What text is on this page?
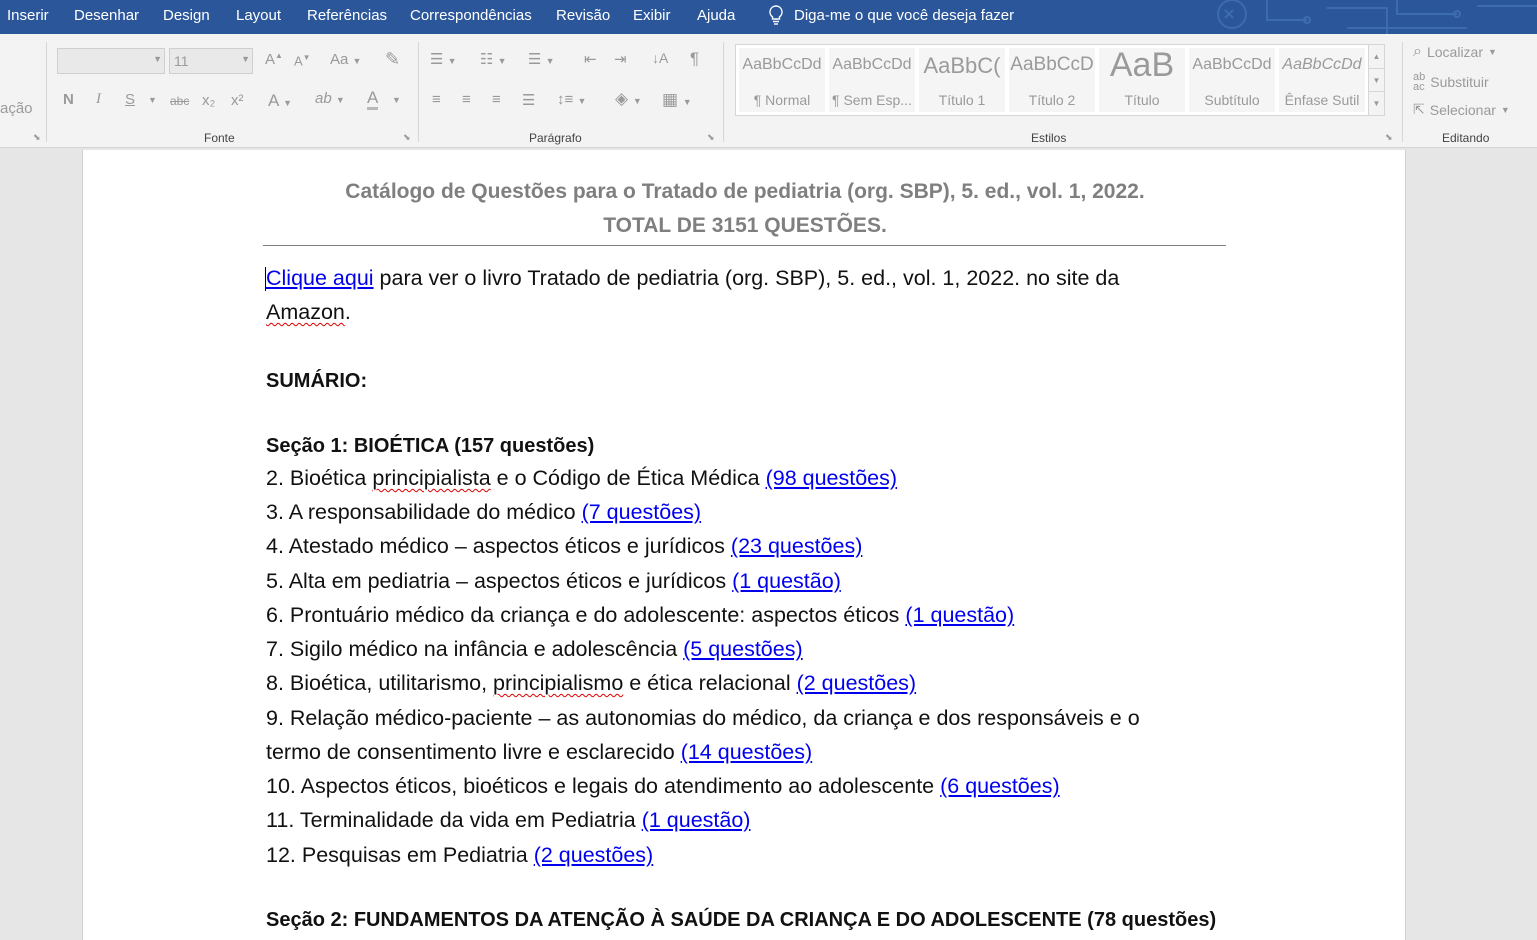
Inserir Desenhar Design Layout Referências Correspondências Revisão Exibir Ajuda	Diga-me o que você deseja fazer
ação
⬊
▼ 11	▼ A▲ A▼ Aa ▼ ✎
N I S ▼ abc x₂ x² A ▼ ab ▼ A ▼
Fonte	⬊
☰ ▼ ☷ ▼ ☰ ▼ ⇤ ⇥ ↓A ¶
≡ ≡ ≡ ☰ ↕≡ ▼ ◈ ▼ ▦ ▼
Parágrafo	⬊
AaBbCcDd
¶ Normal
AaBbCcDd
¶ Sem Esp...
AaBbC(
Título 1
AaBbCcD
Título 2
AaB
Título
AaBbCcDd
Subtítulo
AaBbCcDd
Ênfase Sutil
▲
▼
▼
Estilos	⬊
⌕ Localizar ▼
ab
ac Substituir
⇱ Selecionar ▼
Editando
Catálogo de Questões para o Tratado de pediatria (org. SBP), 5. ed., vol. 1, 2022.
TOTAL DE 3151 QUESTÕES.
Clique aqui para ver o livro Tratado de pediatria (org. SBP), 5. ed., vol. 1, 2022. no site da
Amazon.
SUMÁRIO:
Seção 1: BIOÉTICA (157 questões)
2. Bioética principialista e o Código de Ética Médica (98 questões)
3. A responsabilidade do médico (7 questões)
4. Atestado médico – aspectos éticos e jurídicos (23 questões)
5. Alta em pediatria – aspectos éticos e jurídicos (1 questão)
6. Prontuário médico da criança e do adolescente: aspectos éticos (1 questão)
7. Sigilo médico na infância e adolescência (5 questões)
8. Bioética, utilitarismo, principialismo e ética relacional (2 questões)
9. Relação médico-paciente – as autonomias do médico, da criança e dos responsáveis e o
termo de consentimento livre e esclarecido (14 questões)
10. Aspectos éticos, bioéticos e legais do atendimento ao adolescente (6 questões)
11. Terminalidade da vida em Pediatria (1 questão)
12. Pesquisas em Pediatria (2 questões)
Seção 2: FUNDAMENTOS DA ATENÇÃO À SAÚDE DA CRIANÇA E DO ADOLESCENTE (78 questões)
